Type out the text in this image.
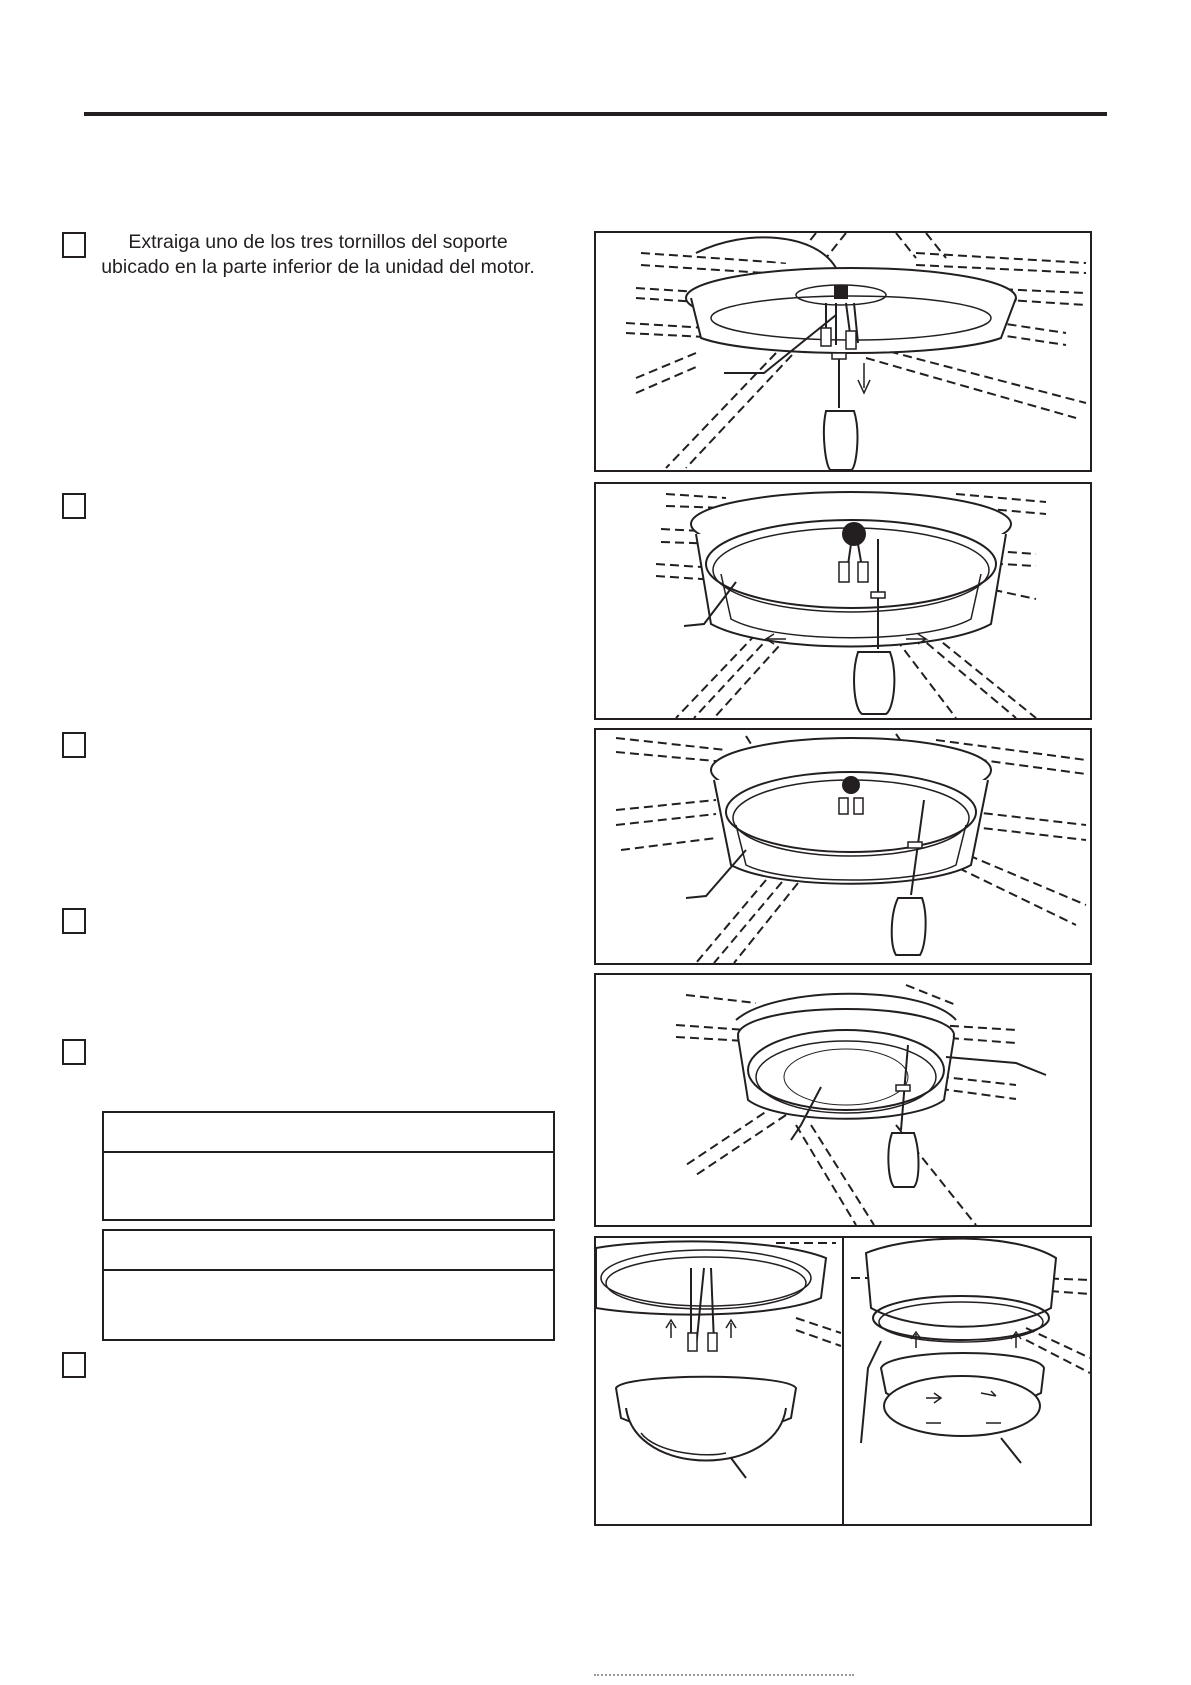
Extraiga uno de los tres tornillos del soporte
ubicado en la parte inferior de la unidad del motor.
